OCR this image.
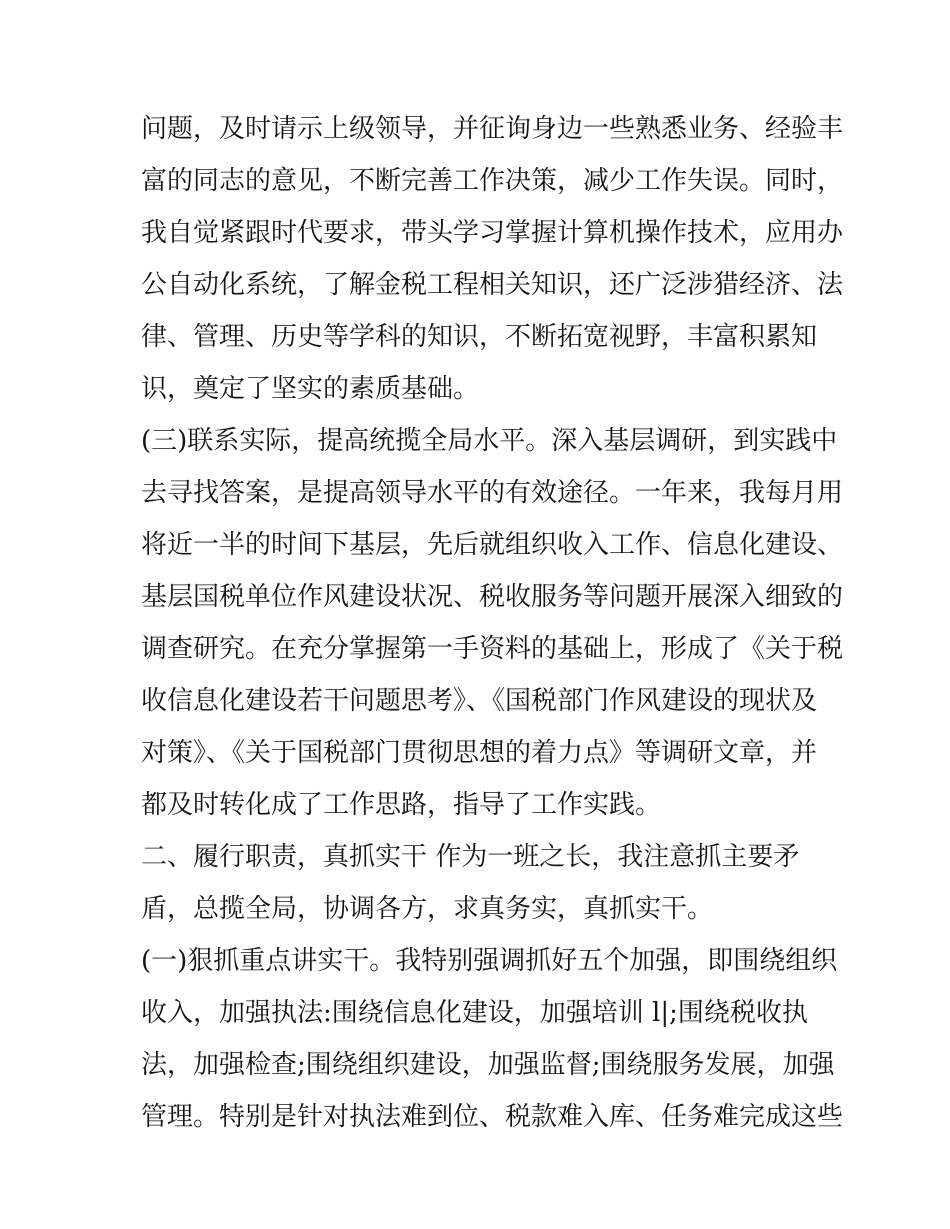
问题，及时请示上级领导，并征询身边一些熟悉业务、经验丰
富的同志的意见，不断完善工作决策，减少工作失误。同时，
我自觉紧跟时代要求，带头学习掌握计算机操作技术，应用办
公自动化系统，了解金税工程相关知识，还广泛涉猎经济、法
律、管理、历史等学科的知识，不断拓宽视野，丰富积累知
识，奠定了坚实的素质基础。
(三)联系实际，提高统揽全局水平。深入基层调研，到实践中
去寻找答案，是提高领导水平的有效途径。一年来，我每月用
将近一半的时间下基层，先后就组织收入工作、信息化建设、
基层国税单位作风建设状况、税收服务等问题开展深入细致的
调查研究。在充分掌握第一手资料的基础上，形成了《关于税
收信息化建设若干问题思考》、《国税部门作风建设的现状及
对策》、《关于国税部门贯彻思想的着力点》等调研文章，并
都及时转化成了工作思路，指导了工作实践。
二、履行职责，真抓实干 作为一班之长，我注意抓主要矛
盾，总揽全局，协调各方，求真务实，真抓实干。
(一)狠抓重点讲实干。我特别强调抓好五个加强，即围绕组织
收入，加强执法:围绕信息化建设，加强培训 l|;围绕税收执
法，加强检查;围绕组织建设，加强监督;围绕服务发展，加强
管理。特别是针对执法难到位、税款难入库、任务难完成这些
